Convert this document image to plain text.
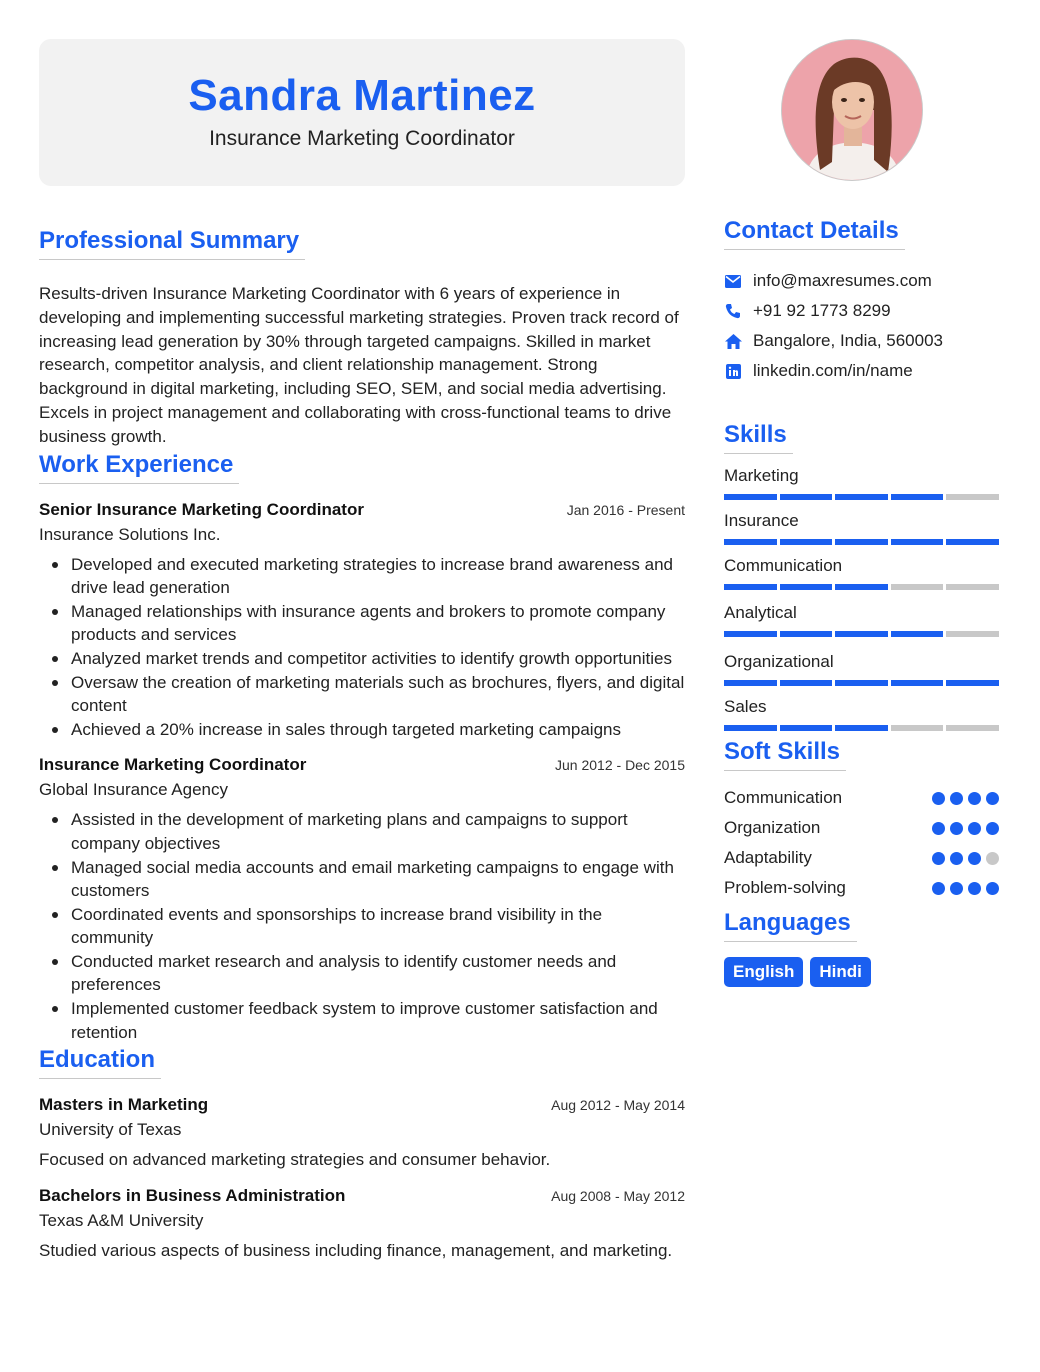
Sandra Martinez
Insurance Marketing Coordinator
Professional Summary

Results-driven Insurance Marketing Coordinator with 6 years of experience in developing and implementing successful marketing strategies. Proven track record of increasing lead generation by 30% through targeted campaigns. Skilled in market research, competitor analysis, and client relationship management. Strong background in digital marketing, including SEO, SEM, and social media advertising. Excels in project management and collaborating with cross-functional teams to drive business growth.

Work Experience
Senior Insurance Marketing Coordinator	Jan 2016 - Present
Insurance Solutions Inc.
Developed and executed marketing strategies to increase brand awareness and drive lead generation
Managed relationships with insurance agents and brokers to promote company products and services
Analyzed market trends and competitor activities to identify growth opportunities
Oversaw the creation of marketing materials such as brochures, flyers, and digital content
Achieved a 20% increase in sales through targeted marketing campaigns
Insurance Marketing Coordinator	Jun 2012 - Dec 2015
Global Insurance Agency
Assisted in the development of marketing plans and campaigns to support company objectives
Managed social media accounts and email marketing campaigns to engage with customers
Coordinated events and sponsorships to increase brand visibility in the community
Conducted market research and analysis to identify customer needs and preferences
Implemented customer feedback system to improve customer satisfaction and retention
Education
Masters in Marketing	Aug 2012 - May 2014
University of Texas

Focused on advanced marketing strategies and consumer behavior.

Bachelors in Business Administration	Aug 2008 - May 2012
Texas A&M University

Studied various aspects of business including finance, management, and marketing.

Contact Details
info@maxresumes.com
+91 92 1773 8299
Bangalore, India, 560003
linkedin.com/in/name
Skills
Marketing
Insurance
Communication
Analytical
Organizational
Sales
Soft Skills
Communication
Organization
Adaptability
Problem-solving
Languages
English	Hindi
